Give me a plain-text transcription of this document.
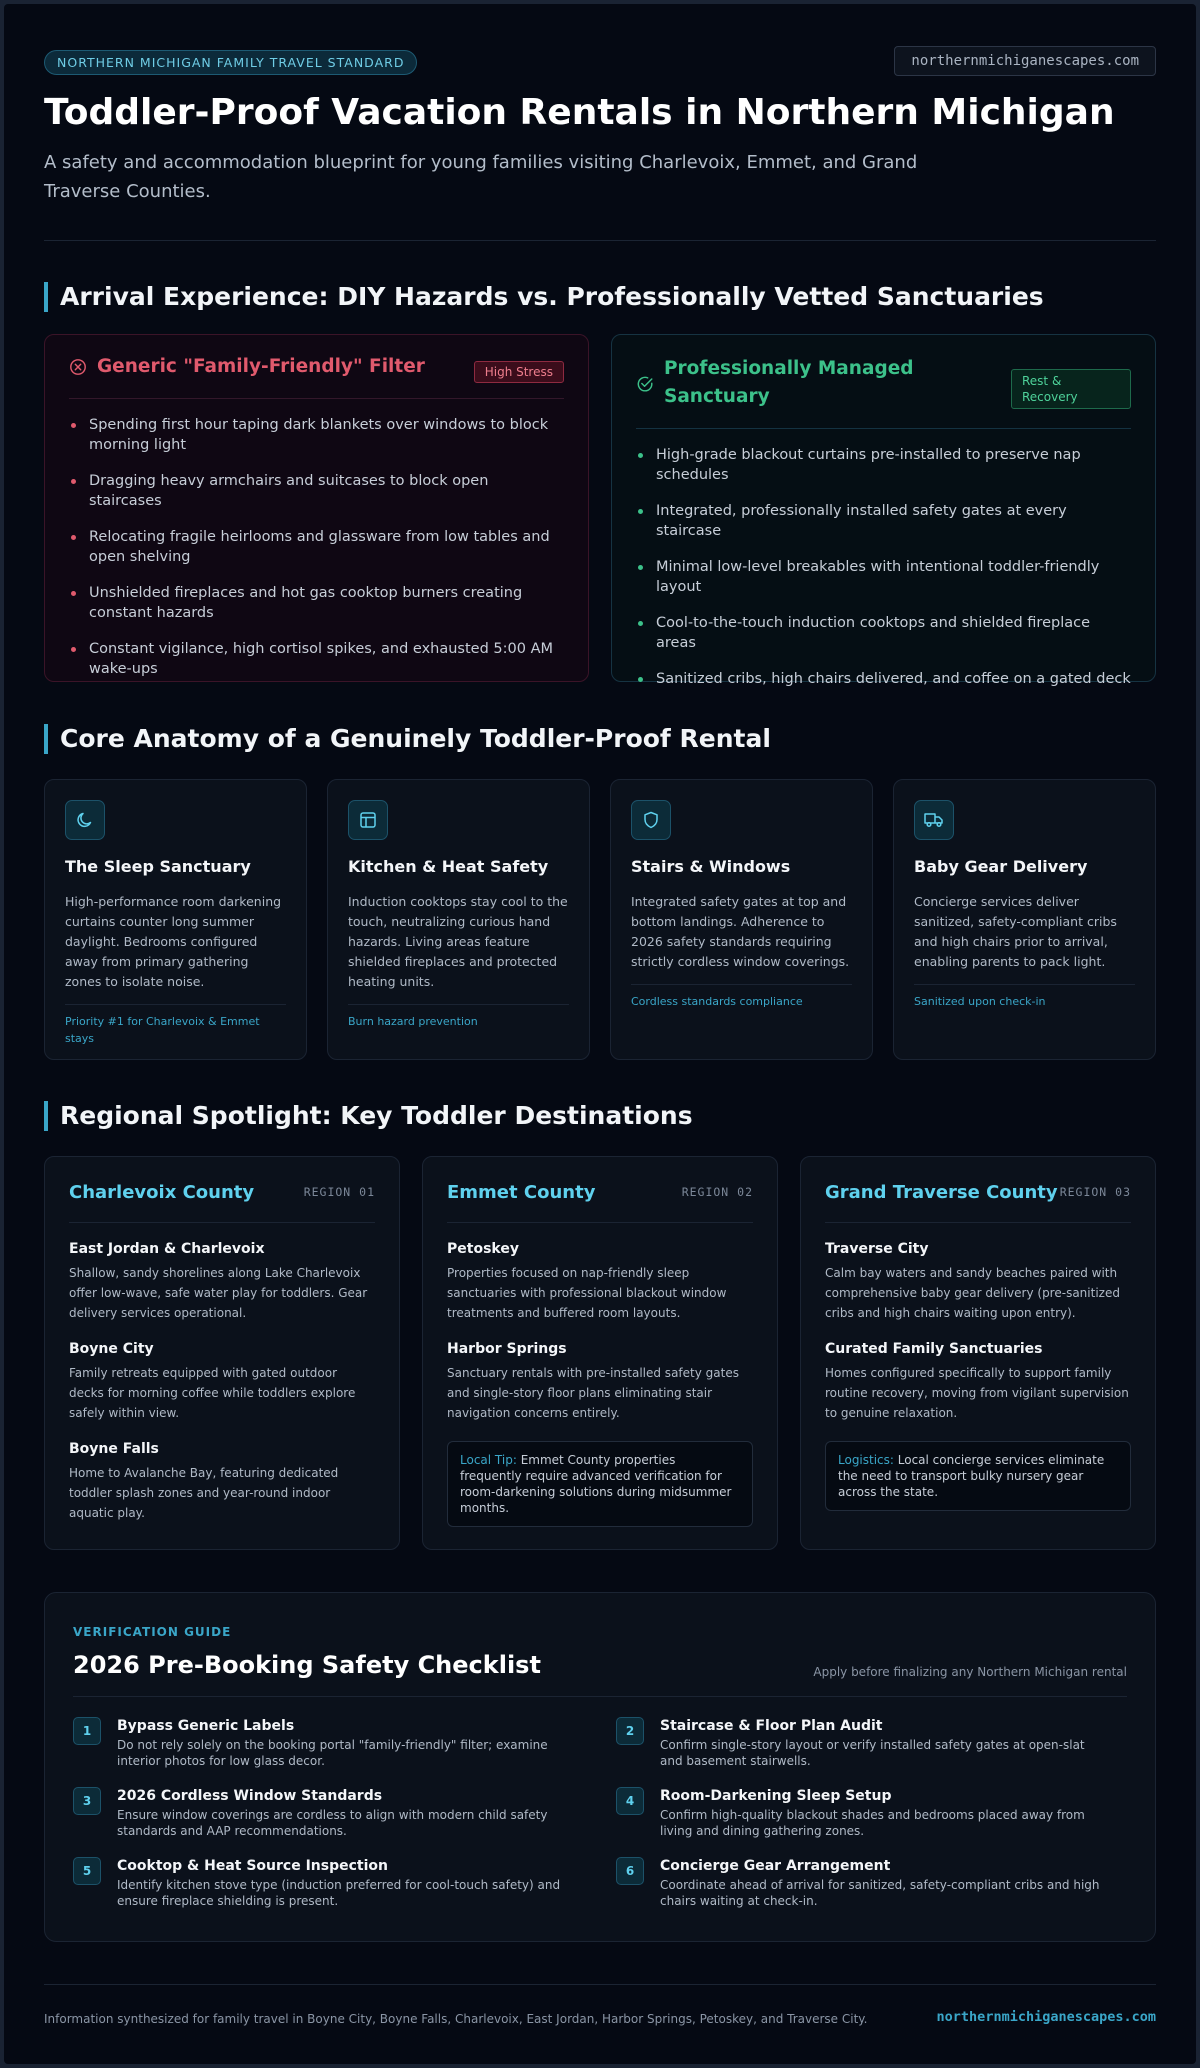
NORTHERN MICHIGAN FAMILY TRAVEL STANDARD	northernmichiganescapes.com
Toddler-Proof Vacation Rentals in Northern Michigan

A safety and accommodation blueprint for young families visiting Charlevoix, Emmet, and Grand Traverse Counties.

Arrival Experience: DIY Hazards vs. Professionally Vetted Sanctuaries
Generic "Family-Friendly" Filter	High Stress
Spending first hour taping dark blankets over windows to block morning light
Dragging heavy armchairs and suitcases to block open staircases
Relocating fragile heirlooms and glassware from low tables and open shelving
Unshielded fireplaces and hot gas cooktop burners creating constant hazards
Constant vigilance, high cortisol spikes, and exhausted 5:00 AM wake-ups
Professionally Managed Sanctuary
Rest & Recovery
High-grade blackout curtains pre-installed to preserve nap schedules
Integrated, professionally installed safety gates at every staircase
Minimal low-level breakables with intentional toddler-friendly layout
Cool-to-the-touch induction cooktops and shielded fireplace areas
Sanitized cribs, high chairs delivered, and coffee on a gated deck
Core Anatomy of a Genuinely Toddler-Proof Rental
The Sleep Sanctuary

High-performance room darkening curtains counter long summer daylight. Bedrooms configured away from primary gathering zones to isolate noise.

Priority #1 for Charlevoix & Emmet stays
Kitchen & Heat Safety

Induction cooktops stay cool to the touch, neutralizing curious hand hazards. Living areas feature shielded fireplaces and protected heating units.

Burn hazard prevention
Stairs & Windows

Integrated safety gates at top and bottom landings. Adherence to 2026 safety standards requiring strictly cordless window coverings.

Cordless standards compliance
Baby Gear Delivery

Concierge services deliver sanitized, safety-compliant cribs and high chairs prior to arrival, enabling parents to pack light.

Sanitized upon check-in
Regional Spotlight: Key Toddler Destinations
Charlevoix County	REGION 01
East Jordan & Charlevoix

Shallow, sandy shorelines along Lake Charlevoix offer low-wave, safe water play for toddlers. Gear delivery services operational.

Boyne City

Family retreats equipped with gated outdoor decks for morning coffee while toddlers explore safely within view.

Boyne Falls

Home to Avalanche Bay, featuring dedicated toddler splash zones and year-round indoor aquatic play.

Emmet County	REGION 02
Petoskey

Properties focused on nap-friendly sleep sanctuaries with professional blackout window treatments and buffered room layouts.

Harbor Springs

Sanctuary rentals with pre-installed safety gates and single-story floor plans eliminating stair navigation concerns entirely.

Local Tip: Emmet County properties frequently require advanced verification for room-darkening solutions during midsummer months.
Grand Traverse County REGION 03
Traverse City

Calm bay waters and sandy beaches paired with comprehensive baby gear delivery (pre-sanitized cribs and high chairs waiting upon entry).

Curated Family Sanctuaries

Homes configured specifically to support family routine recovery, moving from vigilant supervision to genuine relaxation.

Logistics: Local concierge services eliminate the need to transport bulky nursery gear across the state.
VERIFICATION GUIDE
2026 Pre-Booking Safety Checklist	Apply before finalizing any Northern Michigan rental
1	Bypass Generic Labels

Do not rely solely on the booking portal "family-friendly" filter; examine interior photos for low glass decor.

2	Staircase & Floor Plan Audit

Confirm single-story layout or verify installed safety gates at open-slat and basement stairwells.

3	2026 Cordless Window Standards

Ensure window coverings are cordless to align with modern child safety standards and AAP recommendations.

4	Room-Darkening Sleep Setup

Confirm high-quality blackout shades and bedrooms placed away from living and dining gathering zones.

5	Cooktop & Heat Source Inspection

Identify kitchen stove type (induction preferred for cool-touch safety) and ensure fireplace shielding is present.

6	Concierge Gear Arrangement

Coordinate ahead of arrival for sanitized, safety-compliant cribs and high chairs waiting at check-in.

Information synthesized for family travel in Boyne City, Boyne Falls, Charlevoix, East Jordan, Harbor Springs, Petoskey, and Traverse City.	northernmichiganescapes.com
